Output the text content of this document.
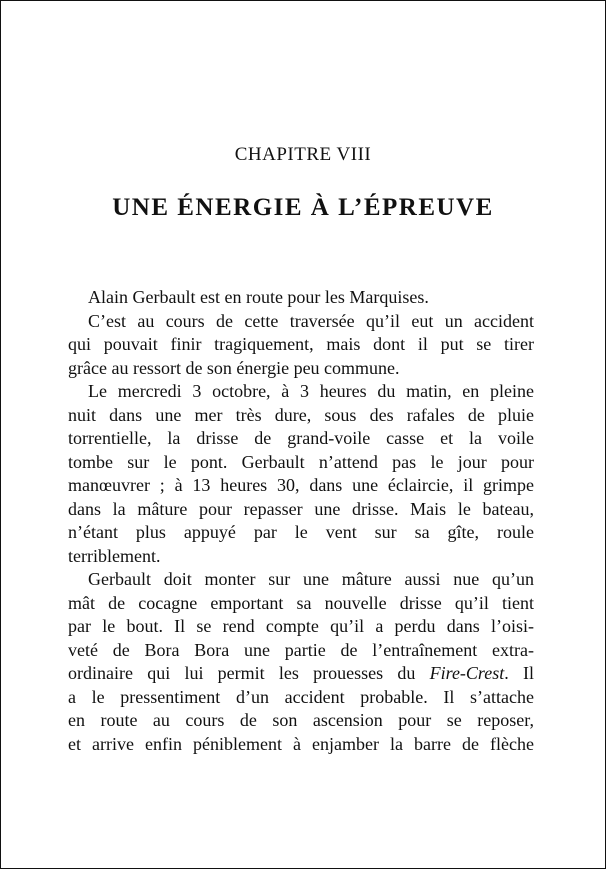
CHAPITRE VIII
UNE ÉNERGIE À L’ÉPREUVE
Alain Gerbault est en route pour les Marquises.
C’est au cours de cette traversée qu’il eut un accident
qui pouvait finir tragiquement, mais dont il put se tirer
grâce au ressort de son énergie peu commune.
Le mercredi 3 octobre, à 3 heures du matin, en pleine
nuit dans une mer très dure, sous des rafales de pluie
torrentielle, la drisse de grand-voile casse et la voile
tombe sur le pont. Gerbault n’attend pas le jour pour
manœuvrer ; à 13 heures 30, dans une éclaircie, il grimpe
dans la mâture pour repasser une drisse. Mais le bateau,
n’étant plus appuyé par le vent sur sa gîte, roule
terriblement.
Gerbault doit monter sur une mâture aussi nue qu’un
mât de cocagne emportant sa nouvelle drisse qu’il tient
par le bout. Il se rend compte qu’il a perdu dans l’oisi-
veté de Bora Bora une partie de l’entraînement extra-
ordinaire qui lui permit les prouesses du Fire-Crest. Il
a le pressentiment d’un accident probable. Il s’attache
en route au cours de son ascension pour se reposer,
et arrive enfin péniblement à enjamber la barre de flèche
